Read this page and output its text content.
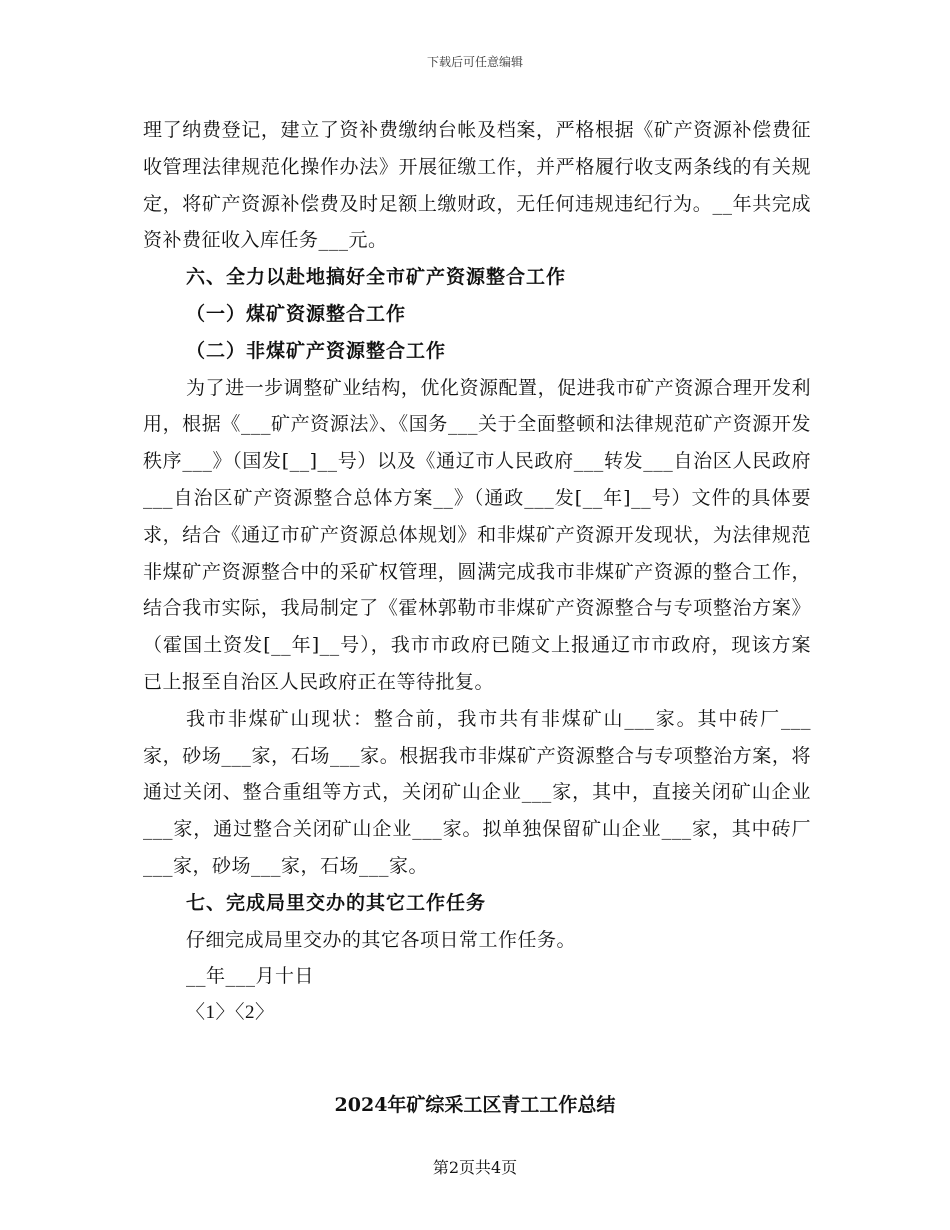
下载后可任意编辑

理了纳费登记，建立了资补费缴纳台帐及档案，严格根据《矿产资源补偿费征收管理法律规范化操作办法》开展征缴工作，并严格履行收支两条线的有关规定，将矿产资源补偿费及时足额上缴财政，无任何违规违纪行为。__年共完成资补费征收入库任务___元。

六、全力以赴地搞好全市矿产资源整合工作

（一）煤矿资源整合工作

（二）非煤矿产资源整合工作

为了进一步调整矿业结构，优化资源配置，促进我市矿产资源合理开发利用，根据《___矿产资源法》、《国务___关于全面整顿和法律规范矿产资源开发秩序___》（国发[__]__号）以及《通辽市人民政府___转发___自治区人民政府___自治区矿产资源整合总体方案__》（通政___发[__年]__号）文件的具体要求，结合《通辽市矿产资源总体规划》和非煤矿产资源开发现状，为法律规范非煤矿产资源整合中的采矿权管理，圆满完成我市非煤矿产资源的整合工作，结合我市实际，我局制定了《霍林郭勒市非煤矿产资源整合与专项整治方案》（霍国土资发[__年]__号），我市市政府已随文上报通辽市市政府，现该方案已上报至自治区人民政府正在等待批复。

我市非煤矿山现状：整合前，我市共有非煤矿山___家。其中砖厂___家，砂场___家，石场___家。根据我市非煤矿产资源整合与专项整治方案，将通过关闭、整合重组等方式，关闭矿山企业___家，其中，直接关闭矿山企业___家，通过整合关闭矿山企业___家。拟单独保留矿山企业___家，其中砖厂___家，砂场___家，石场___家。

七、完成局里交办的其它工作任务

仔细完成局里交办的其它各项日常工作任务。

__年___月十日

〈1〉〈2〉

2024年矿综采工区青工工作总结
第2页共4页
